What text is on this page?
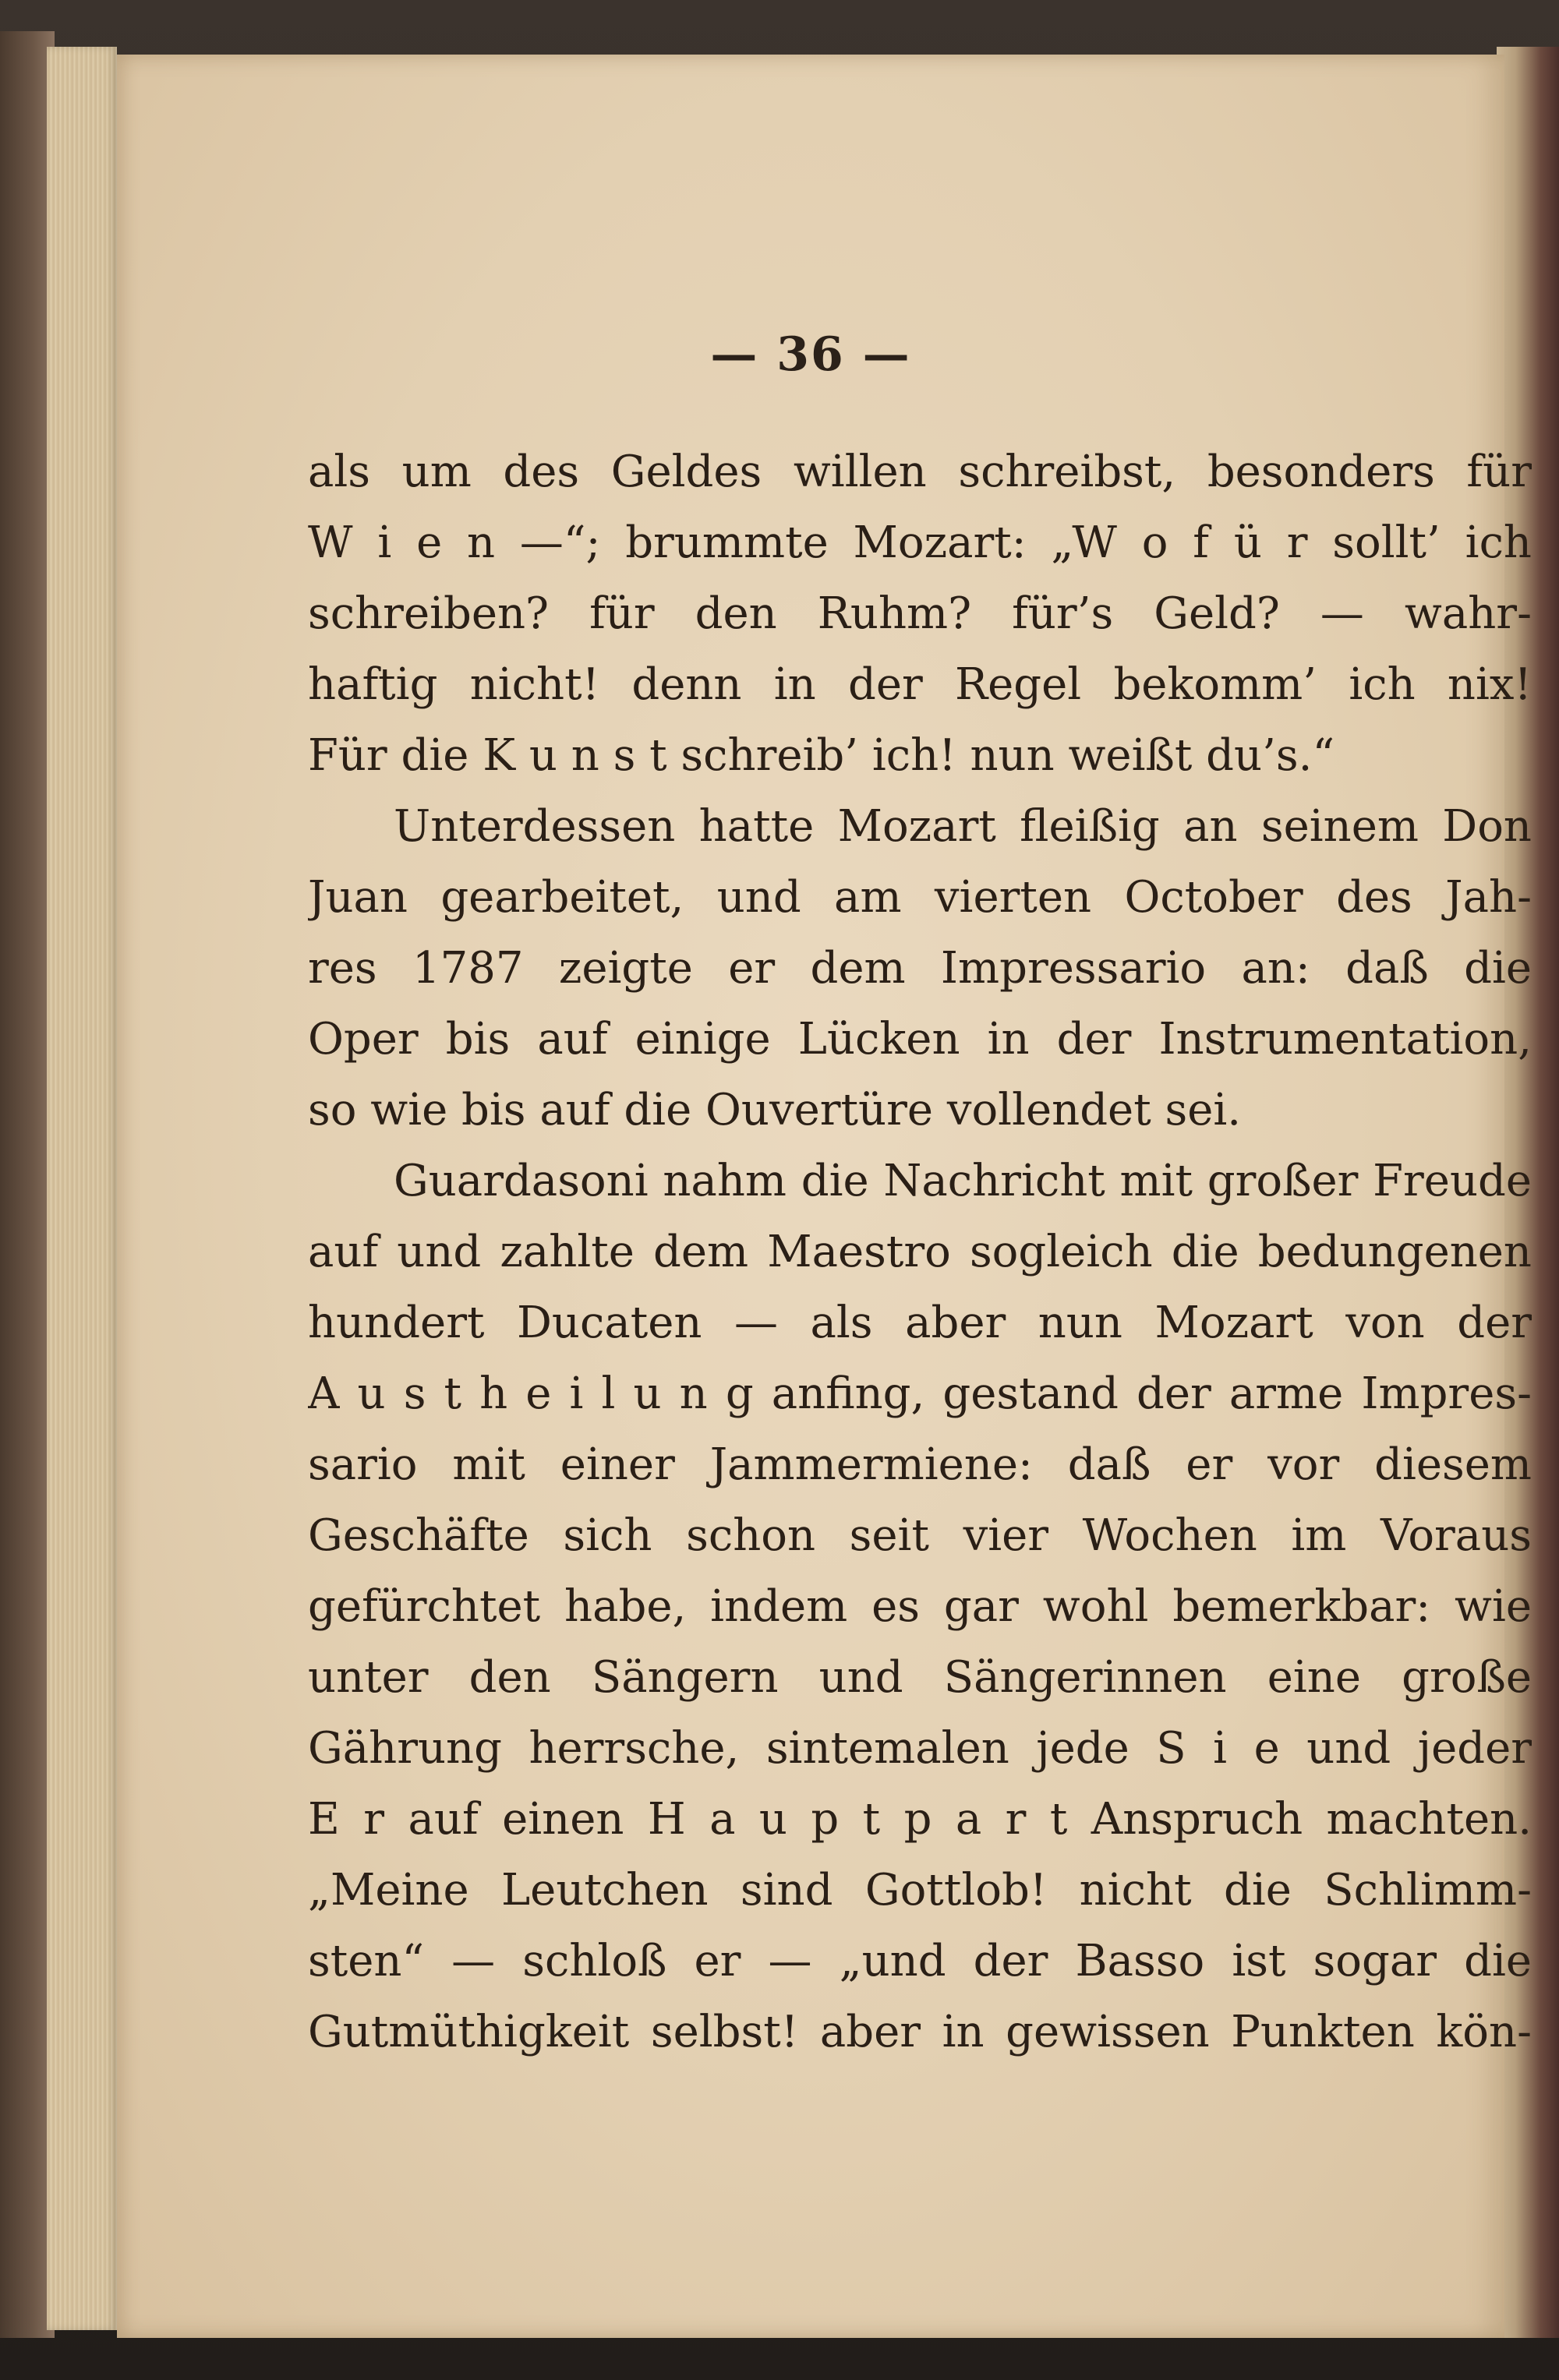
— 36 —
als um des Geldes willen schreibst, besonders für
W i e n —“; brummte Mozart: „W o f ü r sollt’ ich
schreiben? für den Ruhm? für’s Geld? — wahr-
haftig nicht! denn in der Regel bekomm’ ich nix!
Für die K u n s t schreib’ ich! nun weißt du’s.“
Unterdessen hatte Mozart fleißig an seinem Don
Juan gearbeitet, und am vierten October des Jah-
res 1787 zeigte er dem Impressario an: daß die
Oper bis auf einige Lücken in der Instrumentation,
so wie bis auf die Ouvertüre vollendet sei.
Guardasoni nahm die Nachricht mit großer Freude
auf und zahlte dem Maestro sogleich die bedungenen
hundert Ducaten — als aber nun Mozart von der
A u s t h e i l u n g anfing, gestand der arme Impres-
sario mit einer Jammermiene: daß er vor diesem
Geschäfte sich schon seit vier Wochen im Voraus
gefürchtet habe, indem es gar wohl bemerkbar: wie
unter den Sängern und Sängerinnen eine große
Gährung herrsche, sintemalen jede S i e und jeder
E r auf einen H a u p t p a r t Anspruch machten.
„Meine Leutchen sind Gottlob! nicht die Schlimm-
sten“ — schloß er — „und der Basso ist sogar die
Gutmüthigkeit selbst! aber in gewissen Punkten kön-
